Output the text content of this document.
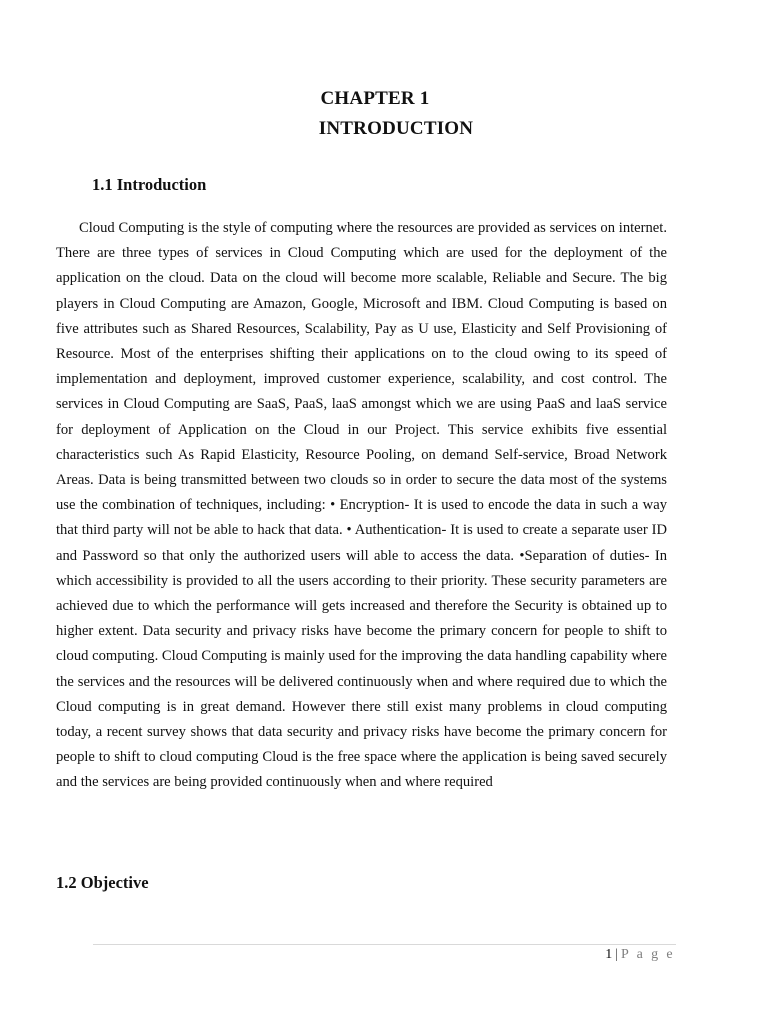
CHAPTER 1
INTRODUCTION
1.1 Introduction

Cloud Computing is the style of computing where the resources are provided as services on internet. There are three types of services in Cloud Computing which are used for the deployment of the application on the cloud. Data on the cloud will become more scalable, Reliable and Secure. The big players in Cloud Computing are Amazon, Google, Microsoft and IBM. Cloud Computing is based on five attributes such as Shared Resources, Scalability, Pay as U use, Elasticity and Self Provisioning of Resource. Most of the enterprises shifting their applications on to the cloud owing to its speed of implementation and deployment, improved customer experience, scalability, and cost control. The services in Cloud Computing are SaaS, PaaS, laaS amongst which we are using PaaS and laaS service for deployment of Application on the Cloud in our Project. This service exhibits five essential characteristics such As Rapid Elasticity, Resource Pooling, on demand Self-service, Broad Network Areas. Data is being transmitted between two clouds so in order to secure the data most of the systems use the combination of techniques, including: • Encryption- It is used to encode the data in such a way that third party will not be able to hack that data. • Authentication- It is used to create a separate user ID and Password so that only the authorized users will able to access the data. •Separation of duties- In which accessibility is provided to all the users according to their priority. These security parameters are achieved due to which the performance will gets increased and therefore the Security is obtained up to higher extent. Data security and privacy risks have become the primary concern for people to shift to cloud computing. Cloud Computing is mainly used for the improving the data handling capability where the services and the resources will be delivered continuously when and where required due to which the Cloud computing is in great demand. However there still exist many problems in cloud computing today, a recent survey shows that data security and privacy risks have become the primary concern for people to shift to cloud computing Cloud is the free space where the application is being saved securely and the services are being provided continuously when and where required

1.2 Objective
1 | P a g e
